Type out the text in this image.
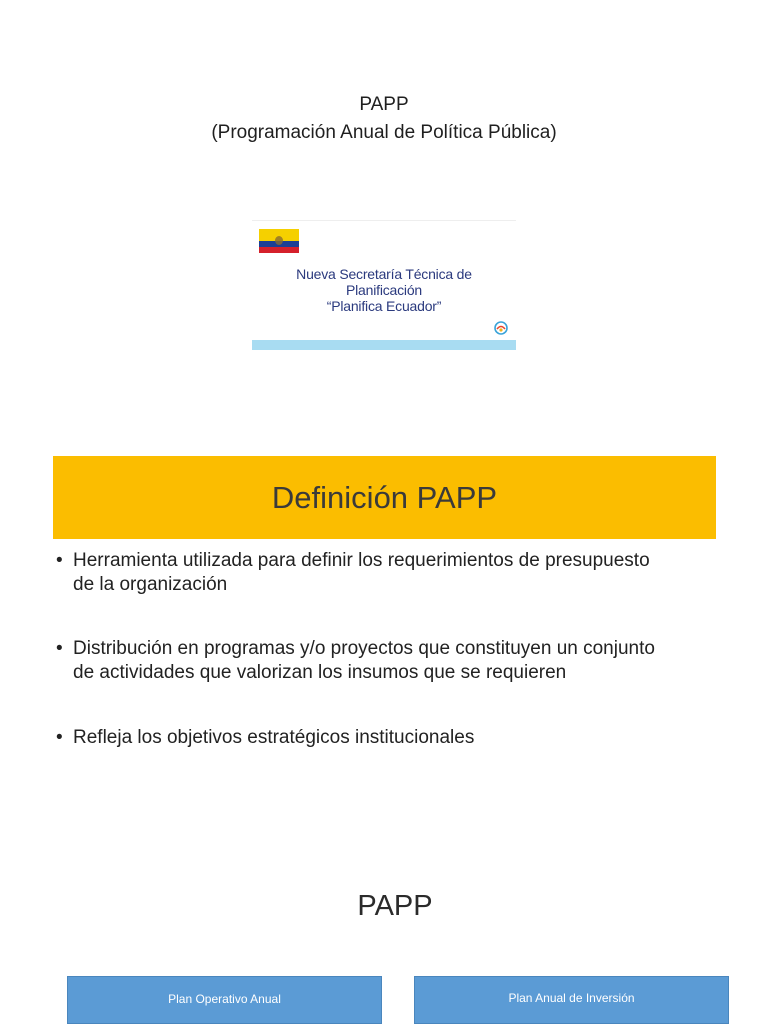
PAPP
(Programación Anual de Política Pública)
Nueva Secretaría Técnica de
Planificación
“Planifica Ecuador”
Definición PAPP
• Herramienta utilizada para definir los requerimientos de presupuesto
de la organización
• Distribución en programas y/o proyectos que constituyen un conjunto
de actividades que valorizan los insumos que se requieren
• Refleja los objetivos estratégicos institucionales
PAPP
Plan Operativo Anual	Plan Anual de Inversión
